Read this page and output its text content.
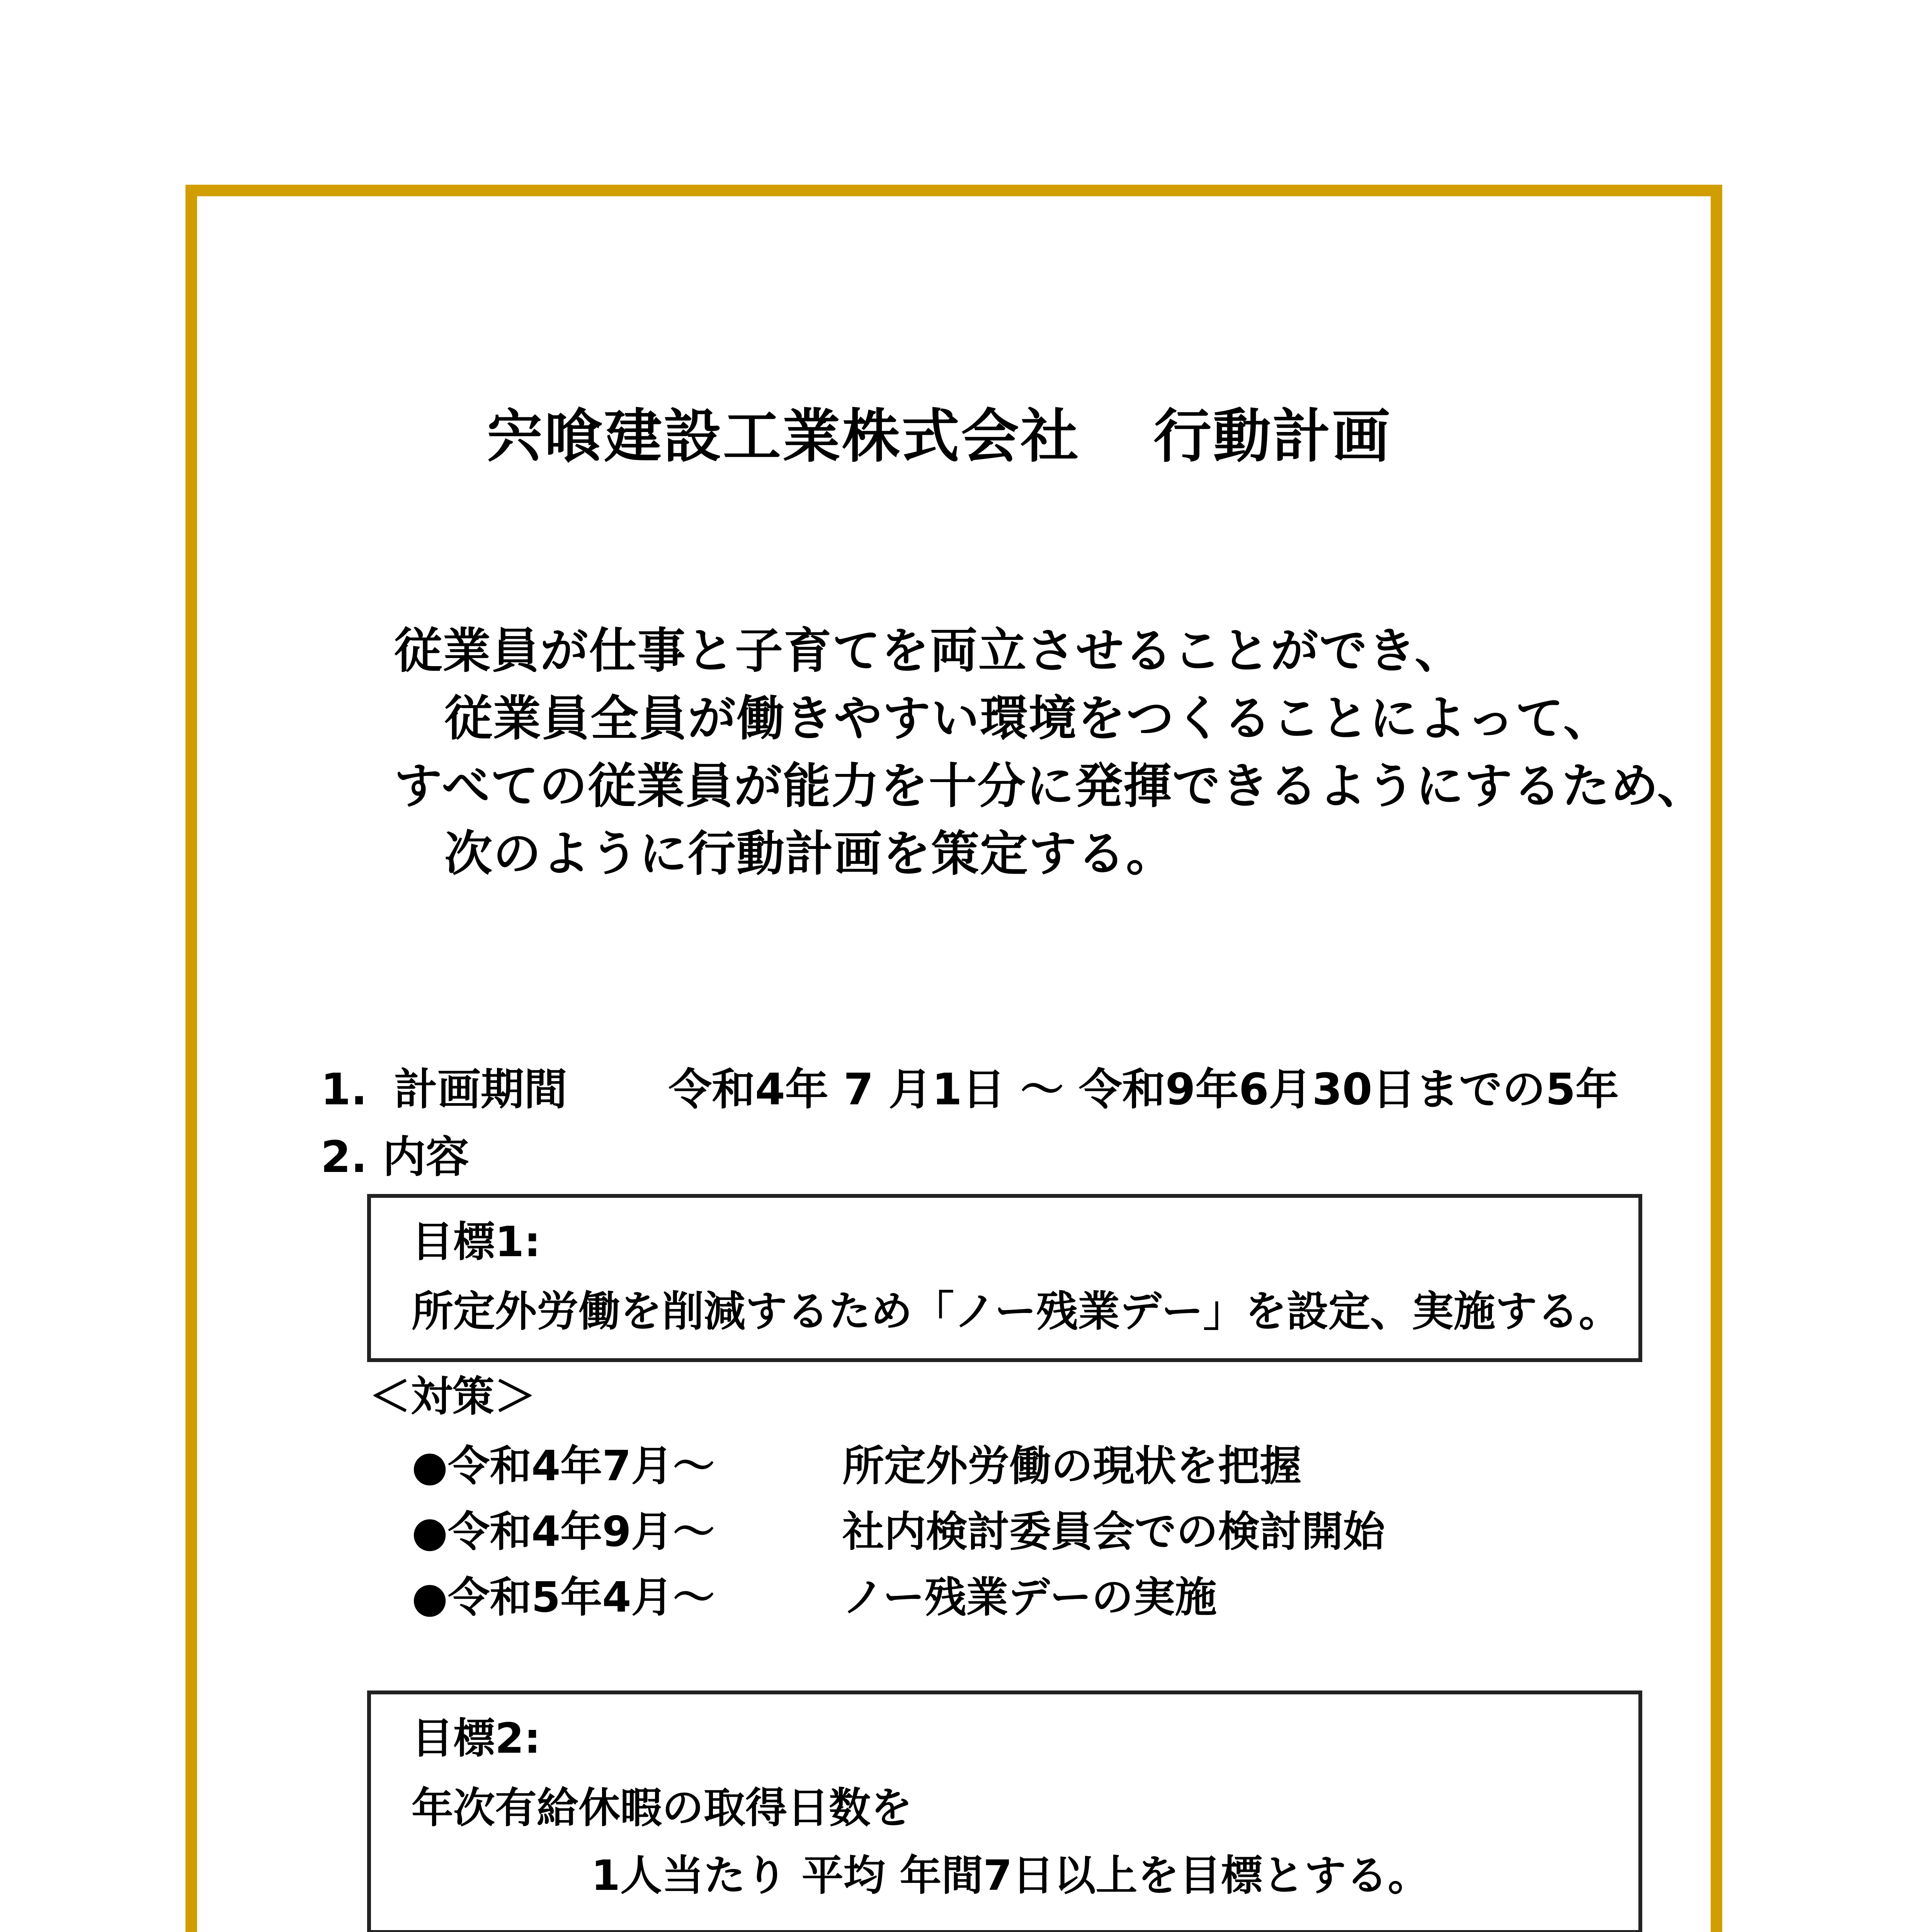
宍喰建設工業株式会社 行動計画
従業員が仕事と子育てを両立させることができ、
従業員全員が働きやすい環境をつくることによって、
すべての従業員が能力を十分に発揮できるようにするため、
次のように行動計画を策定する。
1. 計画期間 令和4年 7 月1日 ～ 令和9年6月30日までの5年
2. 内容
目標1:
所定外労働を削減するため「ノー残業デー」を設定、実施する。
＜対策＞
●令和4年7月～	所定外労働の現状を把握
●令和4年9月～	社内検討委員会での検討開始
●令和5年4月～	ノー残業デーの実施
目標2:
年次有給休暇の取得日数を
1人当たり 平均 年間7日以上を目標とする。
